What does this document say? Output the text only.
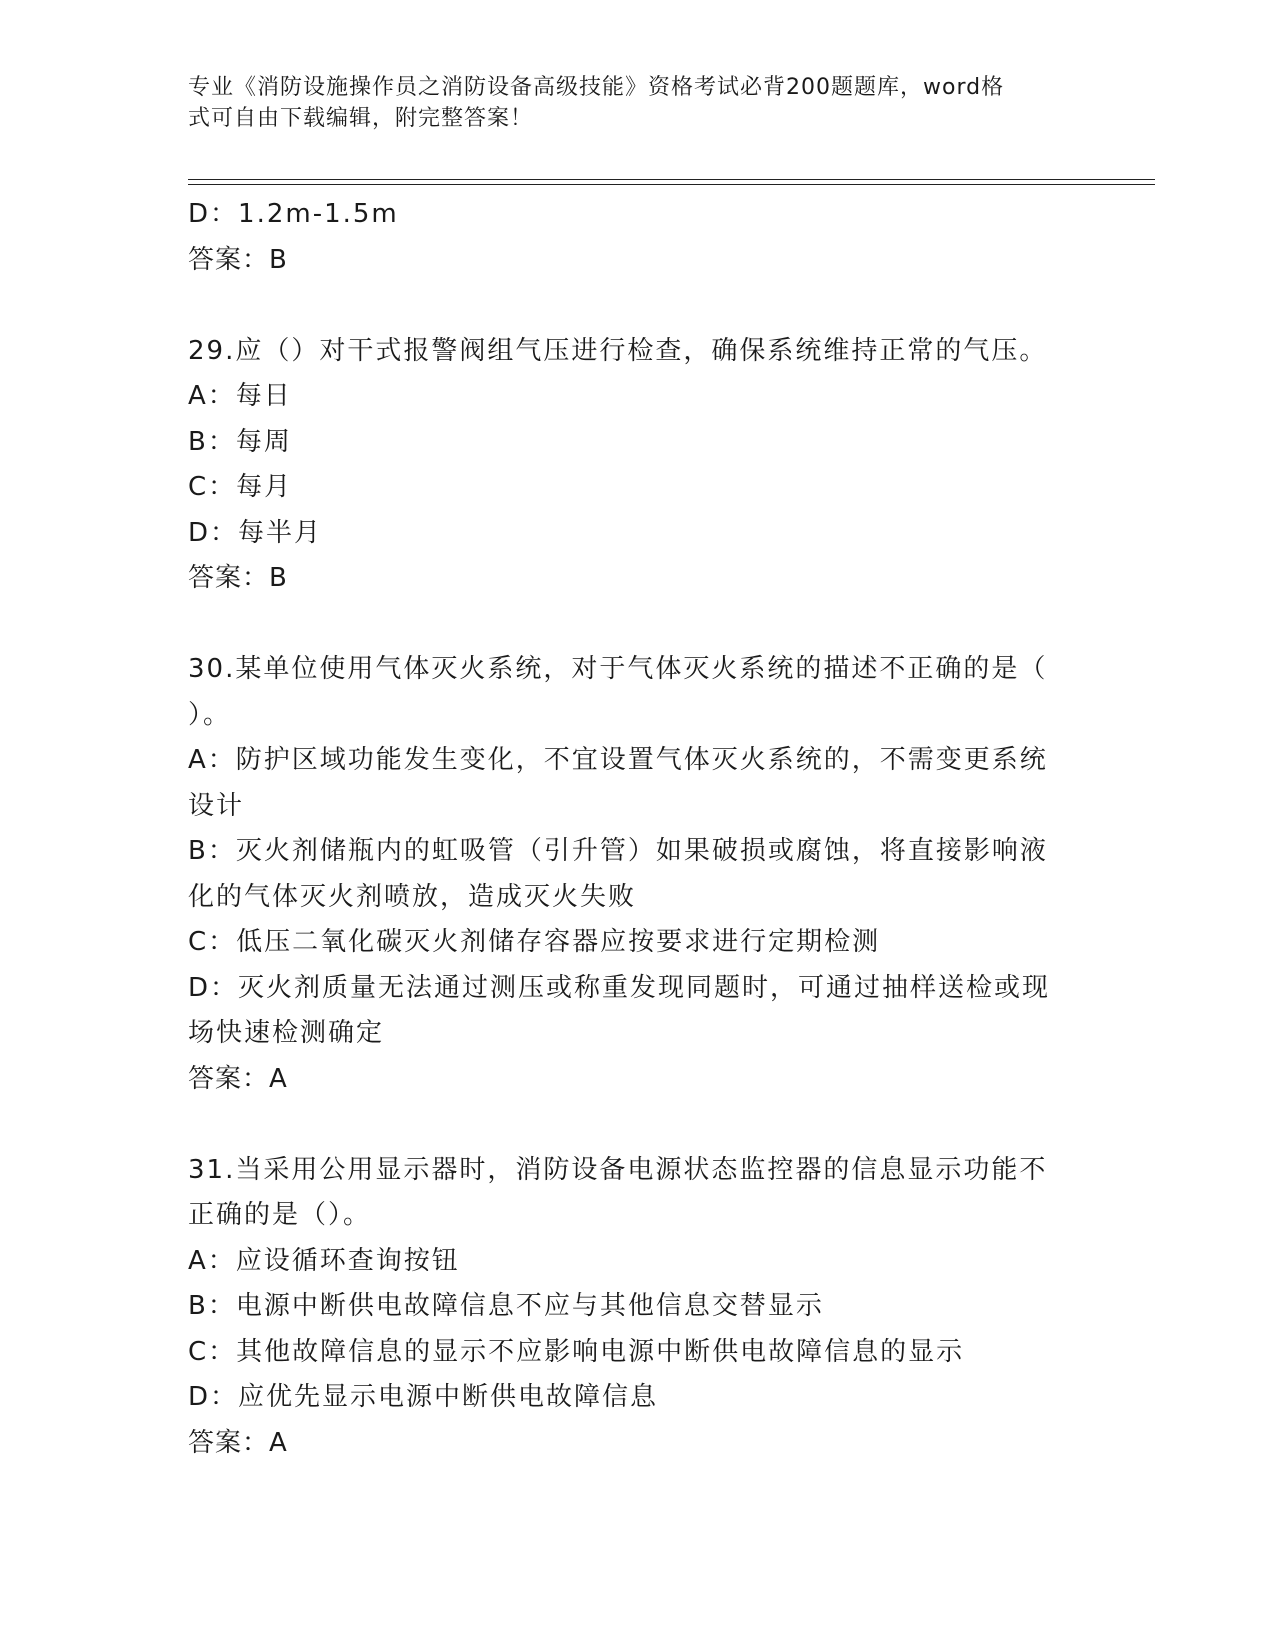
专业《消防设施操作员之消防设备高级技能》资格考试必背200题题库，word格
式可自由下载编辑，附完整答案！
D：1.2m-1.5m
答案：B
29.应（）对干式报警阀组气压进行检查，确保系统维持正常的气压。
A：每日
B：每周
C：每月
D：每半月
答案：B
30.某单位使用气体灭火系统，对于气体灭火系统的描述不正确的是（
）。
A：防护区域功能发生变化，不宜设置气体灭火系统的，不需变更系统
设计
B：灭火剂储瓶内的虹吸管（引升管）如果破损或腐蚀，将直接影响液
化的气体灭火剂喷放，造成灭火失败
C：低压二氧化碳灭火剂储存容器应按要求进行定期检测
D：灭火剂质量无法通过测压或称重发现同题时，可通过抽样送检或现
场快速检测确定
答案：A
31.当采用公用显示器时，消防设备电源状态监控器的信息显示功能不
正确的是（）。
A：应设循环查询按钮
B：电源中断供电故障信息不应与其他信息交替显示
C：其他故障信息的显示不应影响电源中断供电故障信息的显示
D：应优先显示电源中断供电故障信息
答案：A
